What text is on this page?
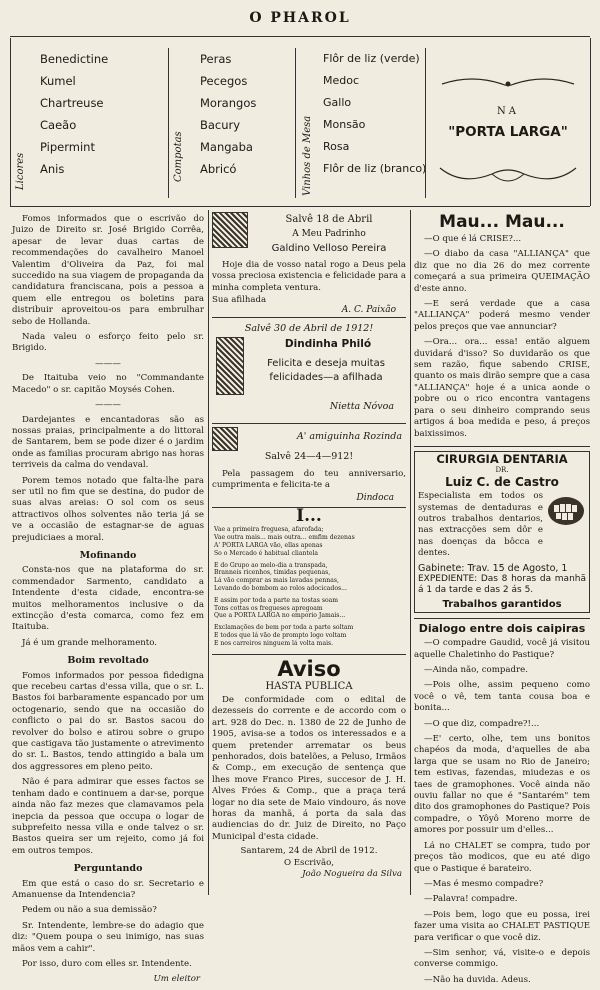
O PHAROL
Licores
Benedictine
Kumel
Chartreuse
Caeão
Pipermint
Anis	Compotas
Peras
Pecegos
Morangos
Bacury
Mangaba
Abricó	Vinhos de Mesa
Flôr de liz (verde)
Medoc
Gallo
Monsão
Rosa
Flôr de liz (branco)
NA
"PORTA LARGA"

Fomos informados que o escrivão do Juizo de Direito sr. José Brigido Corrêa, apesar de levar duas cartas de recommendações do cavalheiro Manoel Valentim d'Oliveira da Paz, foi mal succedido na sua viagem de propaganda da candidatura franciscana, pois a pessoa a quem elle entregou os boletins para distribuir aproveitou-os para embrulhar sebo de Hollanda.

Nada valeu o esforço feito pelo sr. Brigido.

———

De Itaituba veio no "Commandante Macedo" o sr. capitão Moysés Cohen.

———

Dardejantes e encantadoras são as nossas praias, principalmente a do littoral de Santarem, bem se pode dizer é o jardim onde as familias procuram abrigo nas horas terriveis da calma do vendaval.

Porem temos notado que falta-lhe para ser util no fim que se destina, do pudor de suas alvas areias: O sol com os seus attractivos olhos solventes não teria já se ve a occasião de estagnar-se de aguas prejudiciaes a moral.

Mofinando

Consta-nos que na plataforma do sr. commendador Sarmento, candidato a Intendente d'esta cidade, encontra-se muitos melhoramentos inclusive o da extincção d'esta comarca, como fez em Itaituba.

Já é um grande melhoramento.

Boim revoltado

Fomos informados por pessoa fidedigna que recebeu cartas d'essa villa, que o sr. L. Bastos foi barbaramente espancado por um octogenario, sendo que na occasião do conflicto o pai do sr. Bastos sacou do revolver do bolso e atirou sobre o grupo que castigava tão justamente o atrevimento do sr. L. Bastos, tendo attingido a bala um dos aggressores em pleno peito.

Não é para admirar que esses factos se tenham dado e continuem a dar-se, porque ainda não faz mezes que clamavamos pela inepcia da pessoa que occupa o logar de subprefeito nessa villa e onde talvez o sr. Bastos queira ser um rejeito, como já foi em outros tempos.

Perguntando

Em que está o caso do sr. Secretario e Amanuense da Intendencia?

Pedem ou não a sua demissão?

Sr. Intendente, lembre-se do adagio que diz: "Quem poupa o seu inimigo, nas suas mãos vem a cahir".

Por isso, duro com elles sr. Intendente.

Um eleitor
Salvê 18 de Abril
A Meu Padrinho
Galdino Velloso Pereira
Hoje dia de vosso natal rogo a Deus pela vossa preciosa existencia e felicidade para a minha completa ventura.
Sua afilhada
A. C. Paixão
Salvê 30 de Abril de 1912!
Dindinha Philó
Felicita e deseja muitas felicidades—a afilhada
Nietta Nóvoa
A' amiguinha Rozinda
Salvê 24—4—912!
Pela passagem do teu anniversario, cumprimenta e felicita-te a
Dindoca
I...
Vae a primeira freguesa, afarofada;
Vae outra mais... mais outra... emfim dezenas
A' PORTA LARGA vão, ellas apenas
So o Mercado é habitual cliantela
E do Grupo ao melo-dia a transpada,
Branneis ricenhos, timidas pequenas,
Lá vão comprar as mais lavadas pennas,
Levando do bombom ao rolos adocicados...
E assim por toda a parte na tostas soam
Tons cottas os fregueses apregoam
Que a PORTA LARGA no emporio Jamais...
Exclamações de bem por toda a parte soltam
E todos que lá vão de prompto logo voltam
E nos carreiros ninguem lá volta mais.
Aviso
HASTA PUBLICA

De conformidade com o edital de dezesseis do corrente e de accordo com o art. 928 do Dec. n. 1380 de 22 de Junho de 1905, avisa-se a todos os interessados e a quem pretender arrematar os beus penhorados, dois batelões, a Peluso, Irmãos & Comp., em execução de sentença que lhes move Franco Pires, succesor de J. H. Alves Fróes & Comp., que a praça terá logar no dia sete de Maio vindouro, ás nove horas da manhã, á porta da sala das audiencias do dr. Juiz de Direito, no Paço Municipal d'esta cidade.

Santarem, 24 de Abril de 1912.
O Escrivão,
João Nogueira da Silva
Mau... Mau...

—O que é lá CRISE?...

—O diabo da casa "ALLIANÇA" que diz que no dia 26 do mez corrente começará a sua primeira QUEIMAÇÃO d'este anno.

—E será verdade que a casa "ALLIANÇA" poderá mesmo vender pelos preços que vae annunciar?

—Ora... ora... essa! então alguem duvidará d'isso? So duvidarão os que sem razão, fique sabendo CRISE, quanto os mais dirão sempre que a casa "ALLIANÇA" hoje é a unica aonde o pobre ou o rico encontra vantagens para o seu dinheiro comprando seus artigos á boa medida e peso, á preços baixissimos.

CIRURGIA DENTARIA
DR.
Luiz C. de Castro
Especialista em todos os systemas de dentaduras e outros trabalhos dentarios, nas extracções sem dôr e nas doenças da bôcca e dentes.
Gabinete: Trav. 15 de Agosto, 1
EXPEDIENTE: Das 8 horas da manhã á 1 da tarde e das 2 ás 5.
Trabalhos garantidos
Dialogo entre dois caipiras

—O compadre Gaudid, você já visitou aquelle Chaletinho do Pastique?

—Ainda não, compadre.

—Pois olhe, assim pequeno como você o vê, tem tanta cousa boa e bonita...

—O que diz, compadre?!...

—E' certo, olhe, tem uns bonitos chapéos da moda, d'aquelles de aba larga que se usam no Rio de Janeiro; tem estivas, fazendas, miudezas e os taes de gramophones. Você ainda não ouviu fallar no que é "Santarém" tem dito dos gramophones do Pastique? Pois compadre, o Yôyô Moreno morre de amores por possuir um d'elles...

Lá no CHALET se compra, tudo por preços tão modicos, que eu até digo que o Pastique é barateiro.

—Mas é mesmo compadre?

—Palavra! compadre.

—Pois bem, logo que eu possa, irei fazer uma visita ao CHALET PASTIQUE para verificar o que você diz.

—Sim senhor, vá, visite-o e depois converse commigo.

—Não ha duvida. Adeus.
